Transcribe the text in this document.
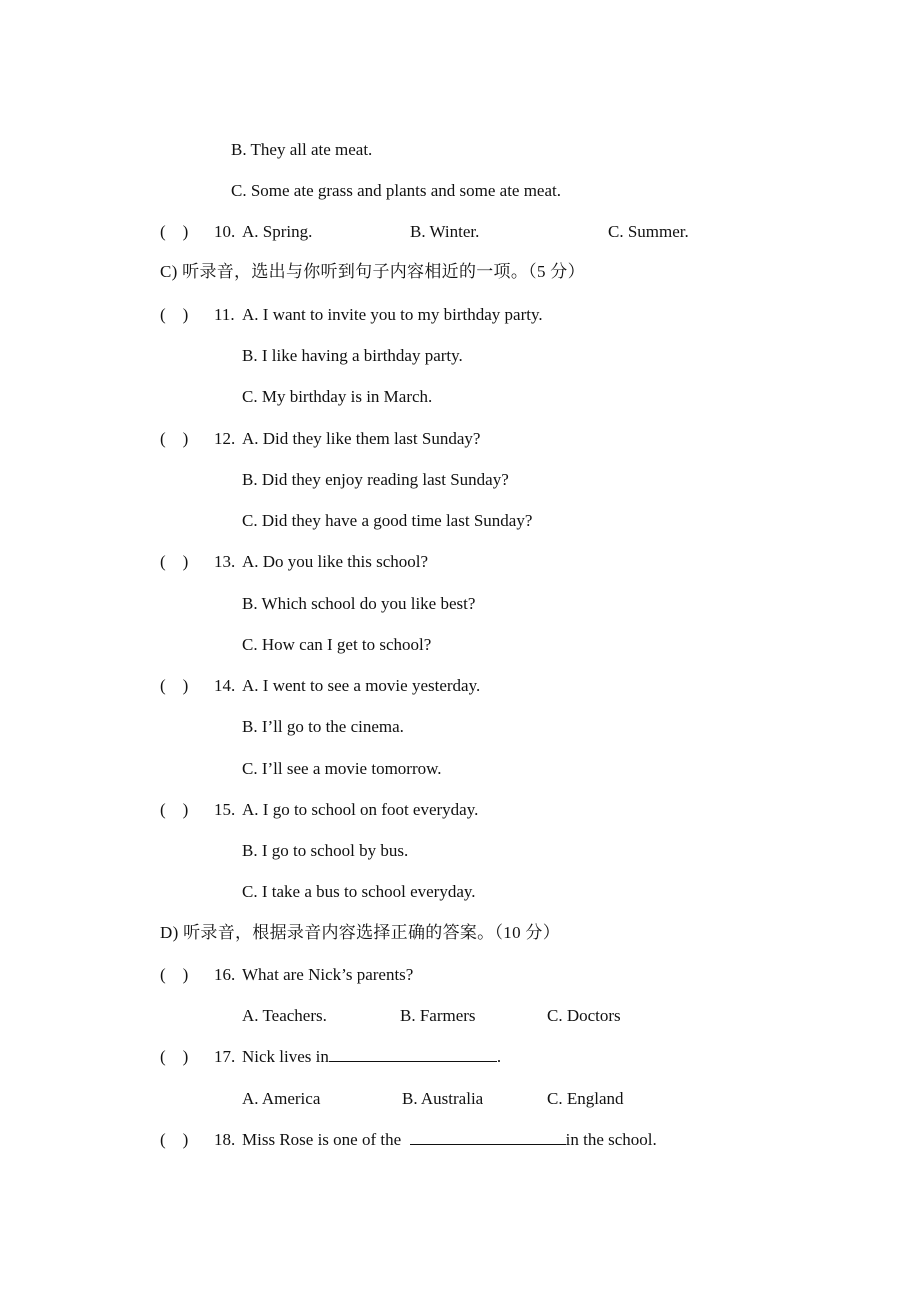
B. They all ate meat.
C. Some ate grass and plants and some ate meat.
(　) 10. A. Spring.	B. Winter.	C. Summer.
C) 听录音，选出与你听到句子内容相近的一项。（5 分）
(　) 11. A. I want to invite you to my birthday party.
B. I like having a birthday party.
C. My birthday is in March.
(　) 12. A. Did they like them last Sunday?
B. Did they enjoy reading last Sunday?
C. Did they have a good time last Sunday?
(　) 13. A. Do you like this school?
B. Which school do you like best?
C. How can I get to school?
(　) 14. A. I went to see a movie yesterday.
B. I’ll go to the cinema.
C. I’ll see a movie tomorrow.
(　) 15. A. I go to school on foot everyday.
B. I go to school by bus.
C. I take a bus to school everyday.
D) 听录音，根据录音内容选择正确的答案。（10 分）
(　) 16. What are Nick’s parents?
A. Teachers.	B. Farmers	C. Doctors
(　) 17. Nick lives in	.
A. America	B. Australia	C. England
(　) 18. Miss Rose is one of the	in the school.
